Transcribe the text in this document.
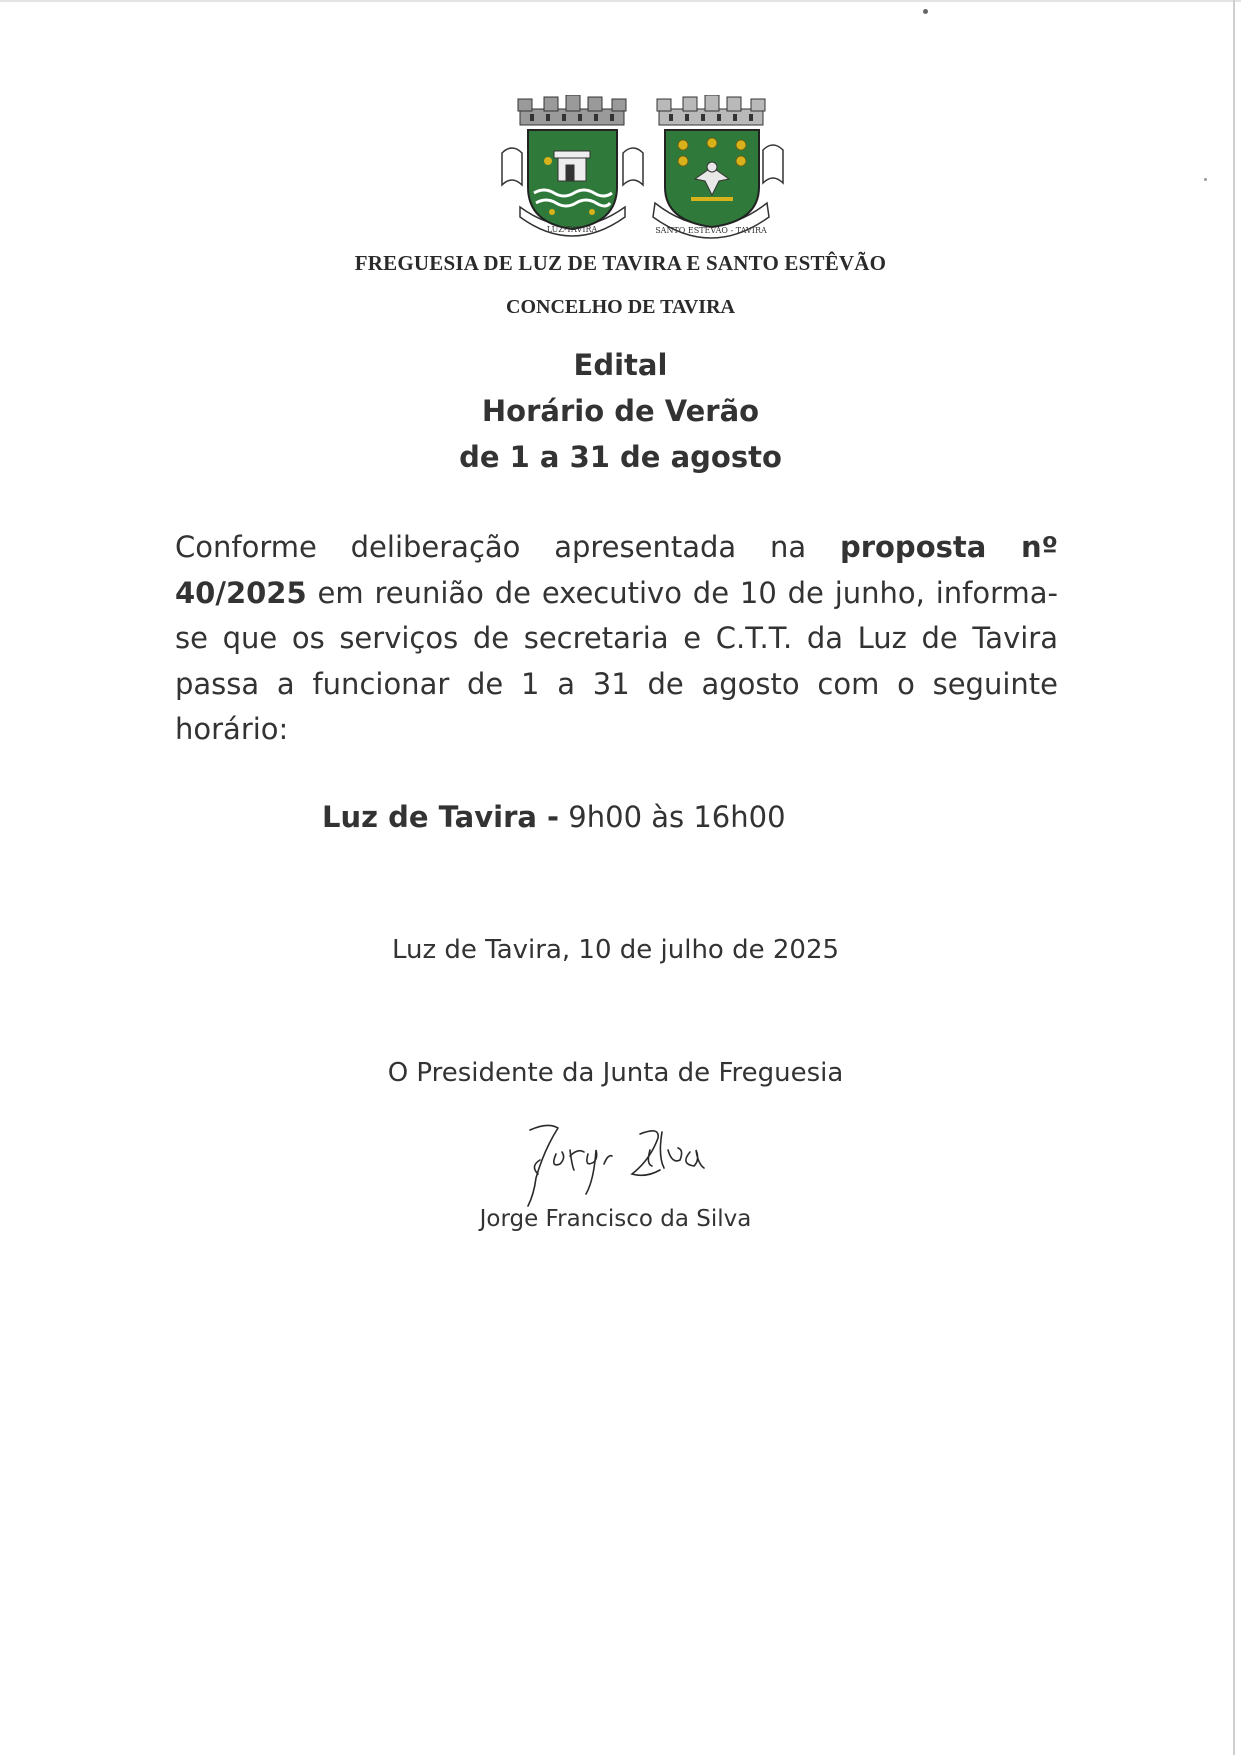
LUZ-TAVIRA	SANTO ESTÊVÃO - TAVIRA
FREGUESIA DE LUZ DE TAVIRA E SANTO ESTÊVÃO
CONCELHO DE TAVIRA
Edital
Horário de Verão
de 1 a 31 de agosto
Conforme deliberação apresentada na proposta nº 40/2025 em reunião de executivo de 10 de junho, informa-se que os serviços de secretaria e C.T.T. da Luz de Tavira passa a funcionar de 1 a 31 de agosto com o seguinte horário:
Luz de Tavira - 9h00 às 16h00
Luz de Tavira, 10 de julho de 2025
O Presidente da Junta de Freguesia
Jorge Francisco da Silva
